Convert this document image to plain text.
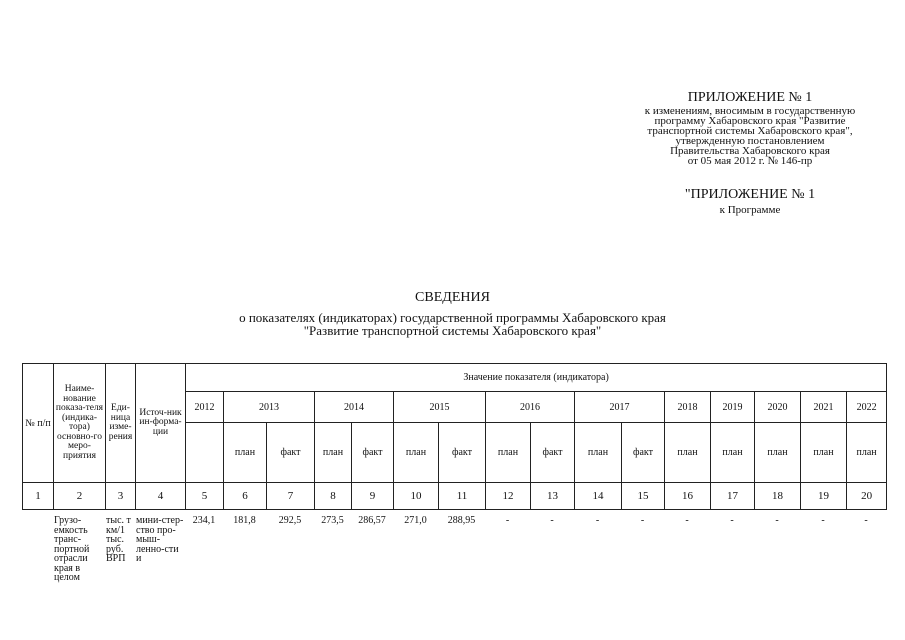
ПРИЛОЖЕНИЕ № 1
к изменениям, вносимым в государственную
программу Хабаровского края "Развитие
транспортной системы Хабаровского края",
утвержденную постановлением
Правительства Хабаровского края
от 05 мая 2012 г. № 146-пр
"ПРИЛОЖЕНИЕ № 1
к Программе
СВЕДЕНИЯ
о показателях (индикаторах) государственной программы Хабаровского края
"Развитие транспортной системы Хабаровского края"
№ п/п	Наиме-нование показа-теля (индика-тора) основно-го меро-приятия	Еди-ница изме-рения	Источ-ник ин-форма-ции	Значение показателя (индикатора)															
				2012	2013		2014		2015		2016		2017		2018	2019	2020	2021	2022
					план	факт	план	факт	план	факт	план	факт	план	факт	план	план	план	план	план
1	2	3	4	5	6	7	8	9	10	11	12	13	14	15	16	17	18	19	20
	Грузо-емкость транс-портной отрасли края в целом	тыс. т км/1 тыс. руб. ВРП	мини-стер-ство про-мыш-ленно-сти и	234,1	181,8	292,5	273,5	286,57	271,0	288,95	-	-	-	-	-	-	-	-	-
